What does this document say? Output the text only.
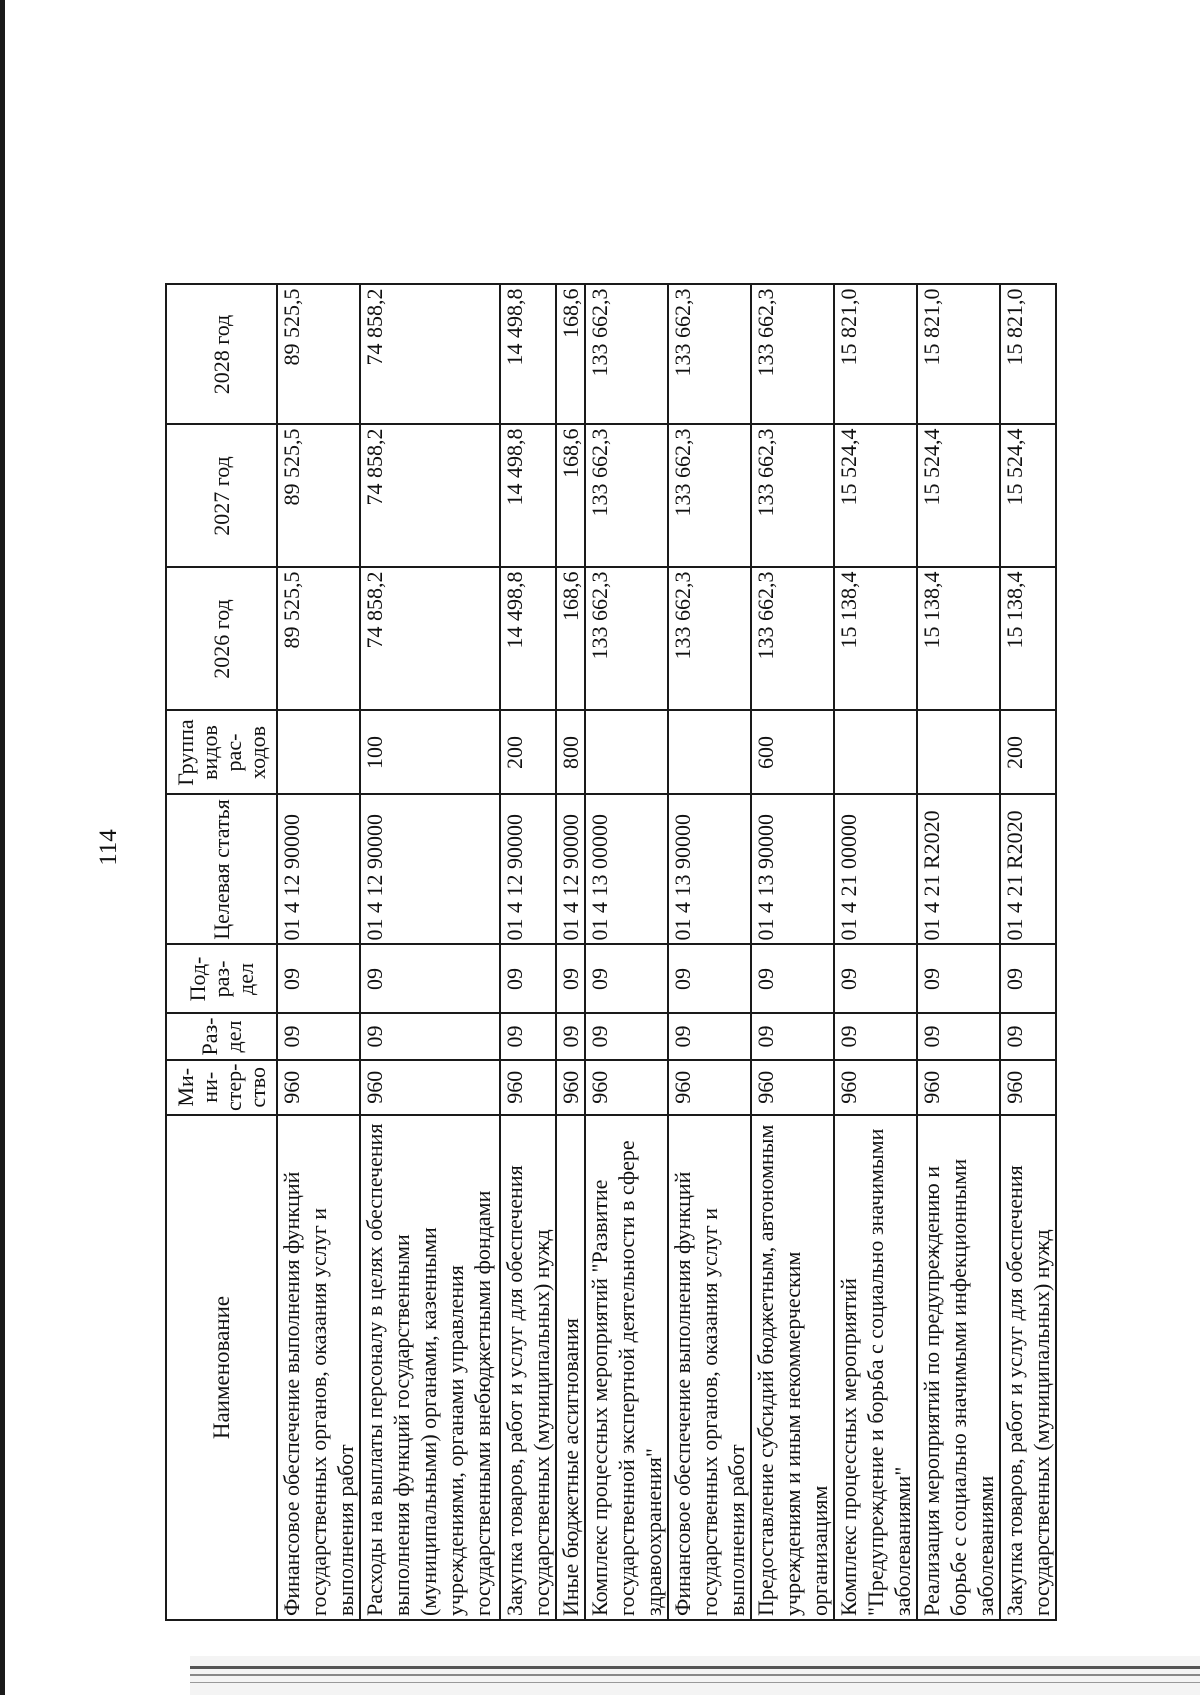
114
Наименование	Ми-ни-стер-ство	Раз-дел	Под-раз-дел	Целевая статья	Группа видов рас-ходов	2026 год	2027 год	2028 год
Финансовое обеспечение выполнения функций государственных органов, оказания услуг и выполнения работ	960	09	09	01 4 12 90000		89 525,5	89 525,5	89 525,5
Расходы на выплаты персоналу в целях обеспечения выполнения функций государственными (муниципальными) органами, казенными учреждениями, органами управления государственными внебюджетными фондами	960	09	09	01 4 12 90000	100	74 858,2	74 858,2	74 858,2
Закупка товаров, работ и услуг для обеспечения государственных (муниципальных) нужд	960	09	09	01 4 12 90000	200	14 498,8	14 498,8	14 498,8
Иные бюджетные ассигнования	960	09	09	01 4 12 90000	800	168,6	168,6	168,6
Комплекс процессных мероприятий "Развитие государственной экспертной деятельности в сфере здравоохранения"	960	09	09	01 4 13 00000		133 662,3	133 662,3	133 662,3
Финансовое обеспечение выполнения функций государственных органов, оказания услуг и выполнения работ	960	09	09	01 4 13 90000		133 662,3	133 662,3	133 662,3
Предоставление субсидий бюджетным, автономным учреждениям и иным некоммерческим организациям	960	09	09	01 4 13 90000	600	133 662,3	133 662,3	133 662,3
Комплекс процессных мероприятий "Предупреждение и борьба с социально значимыми заболеваниями"	960	09	09	01 4 21 00000		15 138,4	15 524,4	15 821,0
Реализация мероприятий по предупреждению и борьбе с социально значимыми инфекционными заболеваниями	960	09	09	01 4 21 R2020		15 138,4	15 524,4	15 821,0
Закупка товаров, работ и услуг для обеспечения государственных (муниципальных) нужд	960	09	09	01 4 21 R2020	200	15 138,4	15 524,4	15 821,0
